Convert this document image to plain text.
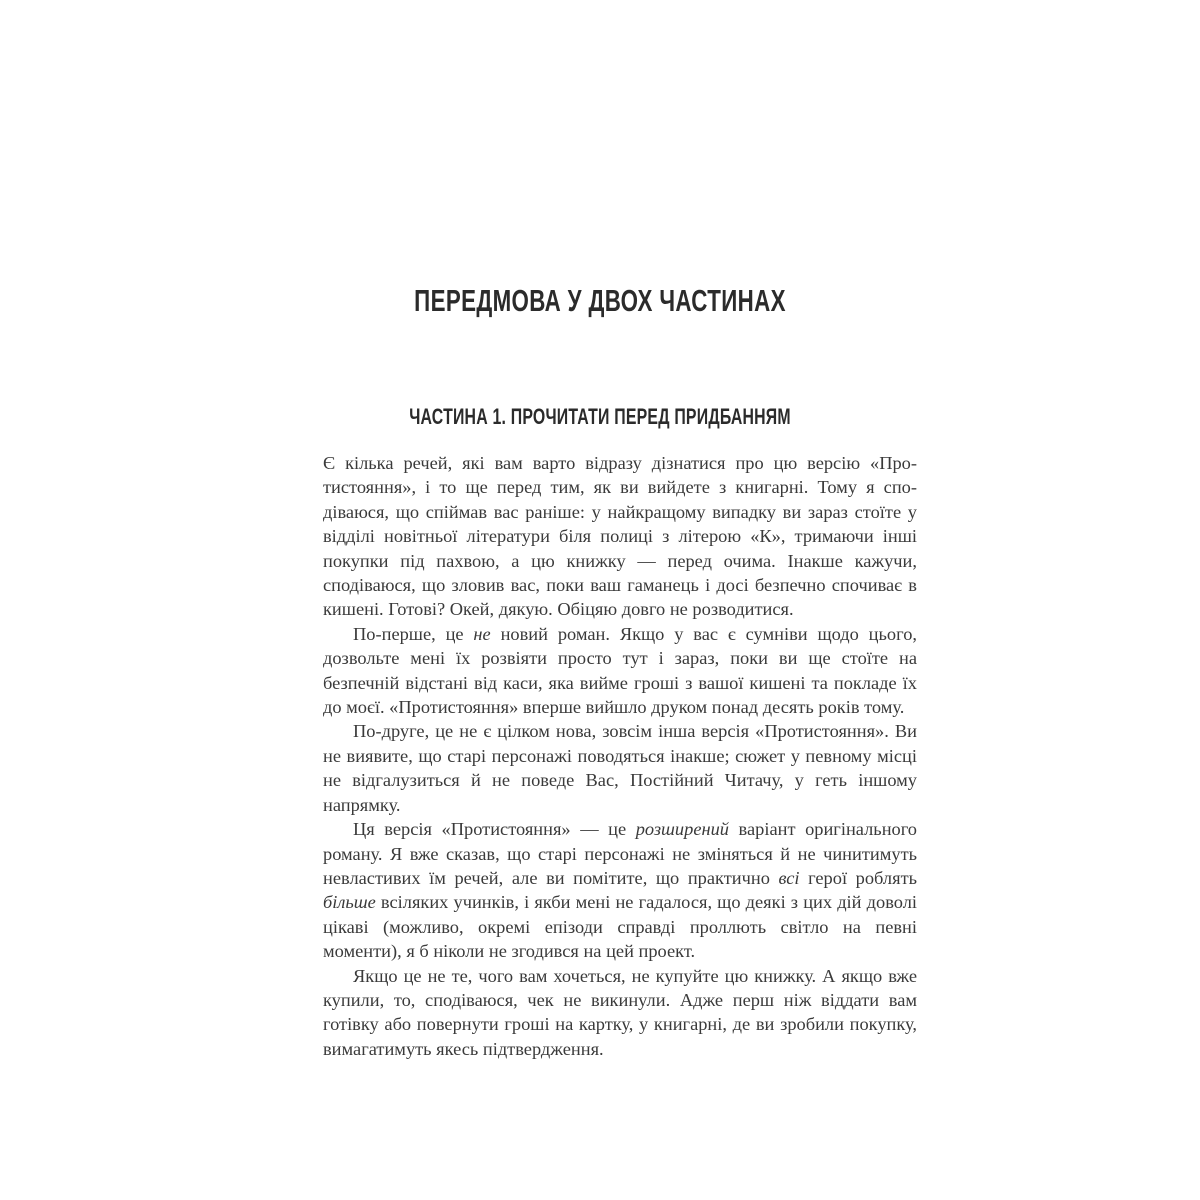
ПЕРЕДМОВА У ДВОХ ЧАСТИНАХ
ЧАСТИНА 1. ПРОЧИТАТИ ПЕРЕД ПРИДБАННЯМ

Є кілька речей, які вам варто відразу дізнатися про цю версію «Протистояння», і то ще перед тим, як ви вийдете з книгарні. Тому я сподіваюся, що спіймав вас раніше: у найкращому випадку ви зараз стоїте у відділі новітньої літератури біля полиці з літерою «К», тримаючи інші покупки під пахвою, а цю книжку — перед очима. Інакше кажучи, сподіваюся, що зловив вас, поки ваш гаманець і досі безпечно спочиває в кишені. Готові? Окей, дякую. Обіцяю довго не розводитися.

По-перше, це не новий роман. Якщо у вас є сумніви щодо цього, дозвольте мені їх розвіяти просто тут і зараз, поки ви ще стоїте на безпечній відстані від каси, яка вийме гроші з вашої кишені та покладе їх до моєї. «Протистояння» вперше вийшло друком понад десять років тому.

По-друге, це не є цілком нова, зовсім інша версія «Протистояння». Ви не виявите, що старі персонажі поводяться інакше; сюжет у певному місці не відгалузиться й не поведе Вас, Постійний Читачу, у геть іншому напрямку.

Ця версія «Протистояння» — це розширений варіант оригінального роману. Я вже сказав, що старі персонажі не зміняться й не чинитимуть невластивих їм речей, але ви помітите, що практично всі герої роблять більше всіляких учинків, і якби мені не гадалося, що деякі з цих дій доволі цікаві (можливо, окремі епізоди справді проллють світло на певні моменти), я б ніколи не згодився на цей проект.

Якщо це не те, чого вам хочеться, не купуйте цю книжку. А якщо вже купили, то, сподіваюся, чек не викинули. Адже перш ніж віддати вам готівку або повернути гроші на картку, у книгарні, де ви зробили покупку, вимагатимуть якесь підтвердження.
